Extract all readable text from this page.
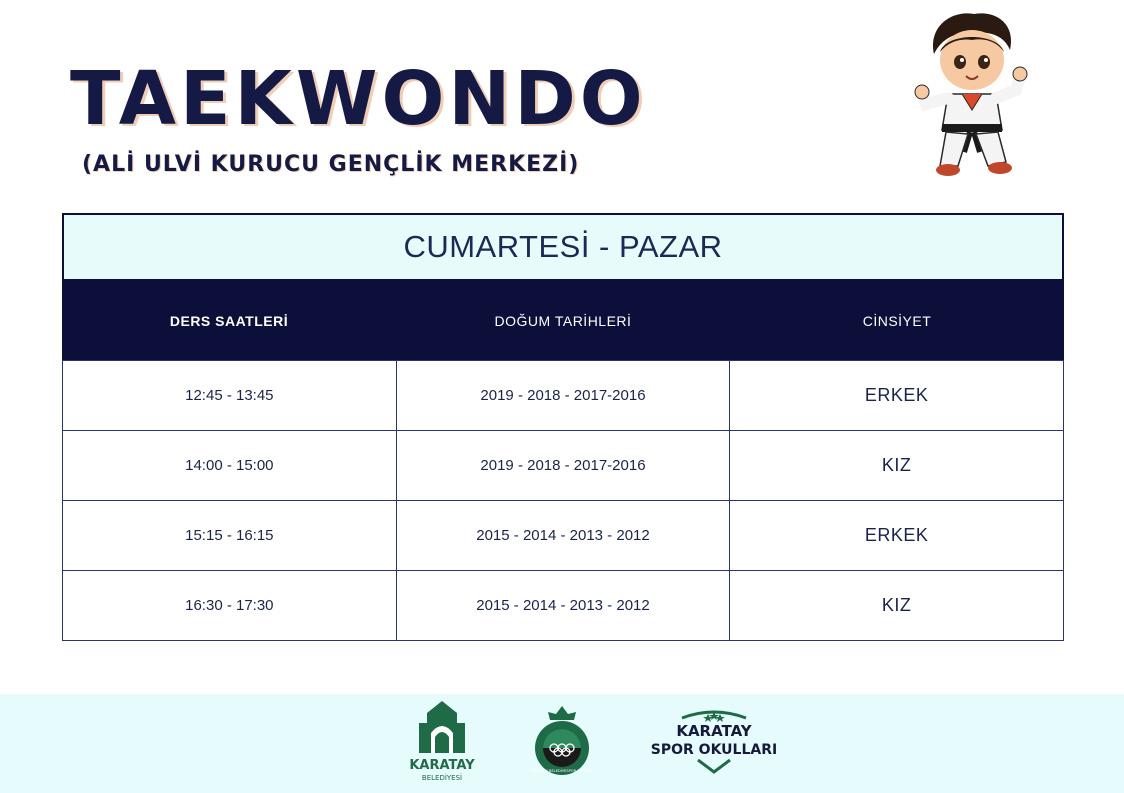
TAEKWONDO
(ALİ ULVİ KURUCU GENÇLİK MERKEZİ)
CUMARTESİ - PAZAR
DERS SAATLERİ	DOĞUM TARİHLERİ	CİNSİYET
12:45 - 13:45	2019 - 2018 - 2017-2016	ERKEK
14:00 - 15:00	2019 - 2018 - 2017-2016	KIZ
15:15 - 16:15	2015 - 2014 - 2013 - 2012	ERKEK
16:30 - 17:30	2015 - 2014 - 2013 - 2012	KIZ
KARATAY
BELEDİYESİ
KARATAY BELEDİYESPOR KULÜBÜ
KARATAY
SPOR OKULLARI
